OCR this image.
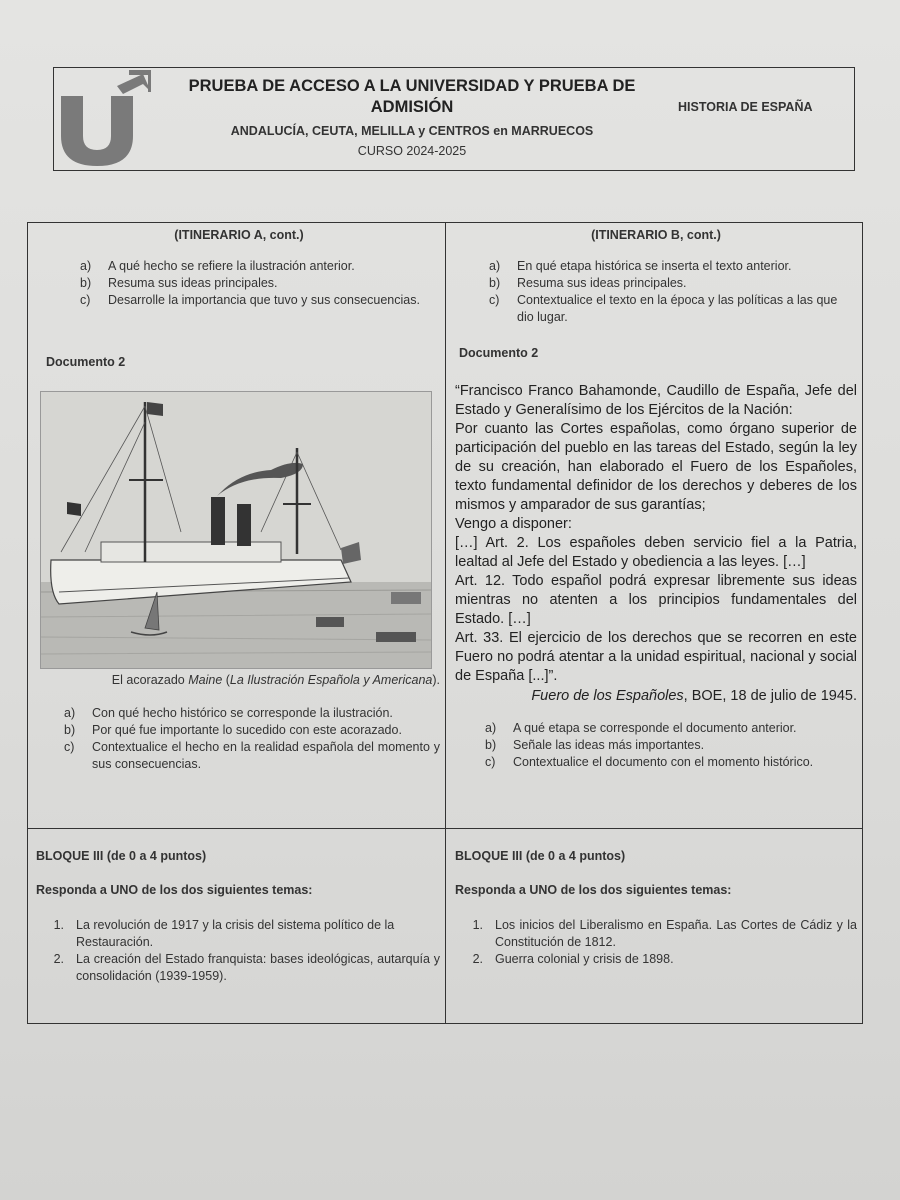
PRUEBA DE ACCESO A LA UNIVERSIDAD Y PRUEBA DE
ADMISIÓN
ANDALUCÍA, CEUTA, MELILLA y CENTROS en MARRUECOS
CURSO 2024-2025
HISTORIA DE ESPAÑA
(ITINERARIO A, cont.)
a)	A qué hecho se refiere la ilustración anterior.
b)	Resuma sus ideas principales.
c)	Desarrolle la importancia que tuvo y sus consecuencias.
Documento 2
El acorazado Maine (La Ilustración Española y Americana).
a)	Con qué hecho histórico se corresponde la ilustración.
b)	Por qué fue importante lo sucedido con este acorazado.
c)	Contextualice el hecho en la realidad española del momento y sus consecuencias.
(ITINERARIO B, cont.)
a)	En qué etapa histórica se inserta el texto anterior.
b)	Resuma sus ideas principales.
c)	Contextualice el texto en la época y las políticas a las que dio lugar.
Documento 2

“Francisco Franco Bahamonde, Caudillo de España, Jefe del Estado y Generalísimo de los Ejércitos de la Nación:

Por cuanto las Cortes españolas, como órgano superior de participación del pueblo en las tareas del Estado, según la ley de su creación, han elaborado el Fuero de los Españoles, texto fundamental definidor de los derechos y deberes de los mismos y amparador de sus garantías;

Vengo a disponer:

[…] Art. 2. Los españoles deben servicio fiel a la Patria, lealtad al Jefe del Estado y obediencia a las leyes. […]

Art. 12. Todo español podrá expresar libremente sus ideas mientras no atenten a los principios fundamentales del Estado. […]

Art. 33. El ejercicio de los derechos que se recorren en este Fuero no podrá atentar a la unidad espiritual, nacional y social de España [...]”.

Fuero de los Españoles, BOE, 18 de julio de 1945.
a)	A qué etapa se corresponde el documento anterior.
b)	Señale las ideas más importantes.
c)	Contextualice el documento con el momento histórico.
BLOQUE III (de 0 a 4 puntos)
Responda a UNO de los dos siguientes temas:
1. La revolución de 1917 y la crisis del sistema político de la Restauración.
2. La creación del Estado franquista: bases ideológicas, autarquía y consolidación (1939-1959).
BLOQUE III (de 0 a 4 puntos)
Responda a UNO de los dos siguientes temas:
1. Los inicios del Liberalismo en España. Las Cortes de Cádiz y la Constitución de 1812.
2. Guerra colonial y crisis de 1898.
